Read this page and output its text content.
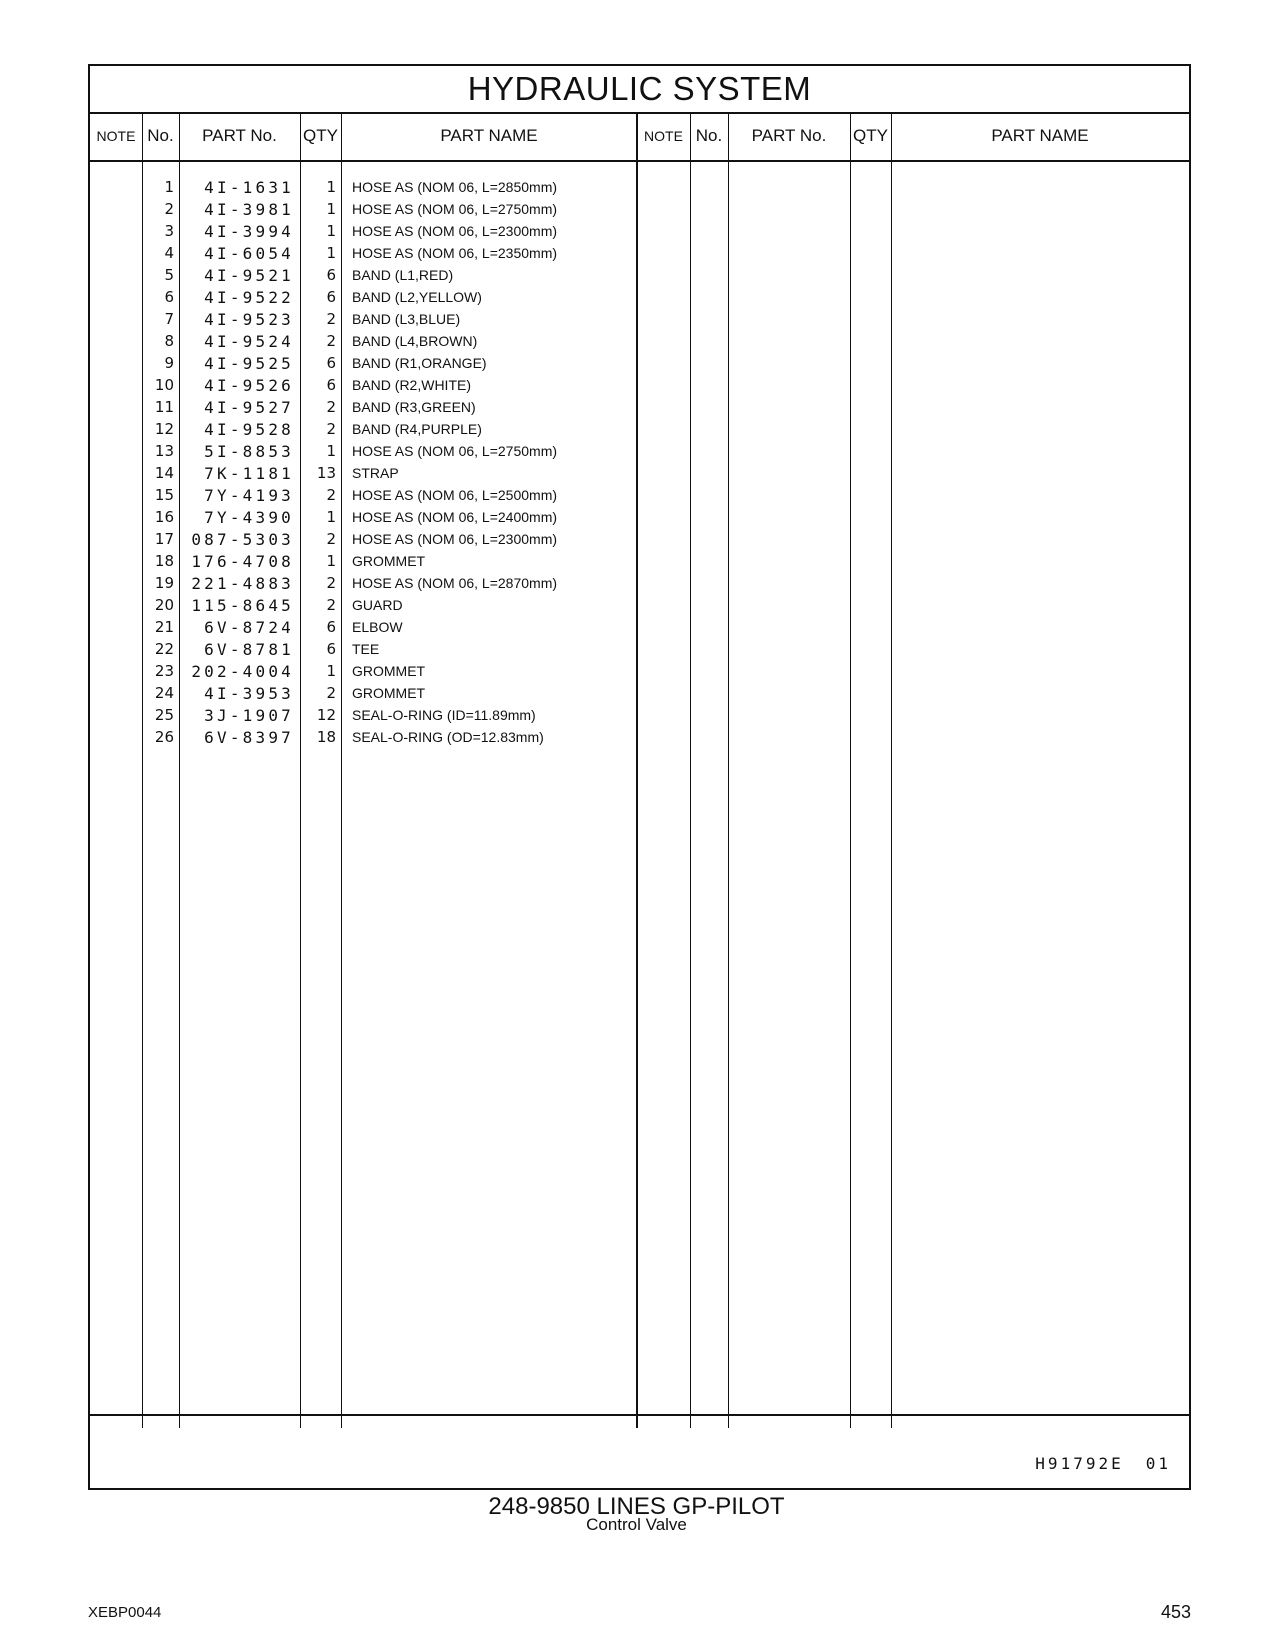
HYDRAULIC SYSTEM
NOTE No.	PART No.	QTY	PART NAME	NOTE No.	PART No.	QTY	PART NAME
1	4I-1631	1 HOSE AS (NOM 06, L=2850mm)
2	4I-3981	1 HOSE AS (NOM 06, L=2750mm)
3	4I-3994	1 HOSE AS (NOM 06, L=2300mm)
4	4I-6054	1 HOSE AS (NOM 06, L=2350mm)
5	4I-9521	6 BAND (L1,RED)
6	4I-9522	6 BAND (L2,YELLOW)
7	4I-9523	2 BAND (L3,BLUE)
8	4I-9524	2 BAND (L4,BROWN)
9	4I-9525	6 BAND (R1,ORANGE)
10	4I-9526	6 BAND (R2,WHITE)
11	4I-9527	2 BAND (R3,GREEN)
12	4I-9528	2 BAND (R4,PURPLE)
13	5I-8853	1 HOSE AS (NOM 06, L=2750mm)
14	7K-1181	13 STRAP
15	7Y-4193	2 HOSE AS (NOM 06, L=2500mm)
16	7Y-4390	1 HOSE AS (NOM 06, L=2400mm)
17	087-5303	2 HOSE AS (NOM 06, L=2300mm)
18	176-4708	1 GROMMET
19	221-4883	2 HOSE AS (NOM 06, L=2870mm)
20	115-8645	2 GUARD
21	6V-8724	6 ELBOW
22	6V-8781	6 TEE
23	202-4004	1 GROMMET
24	4I-3953	2 GROMMET
25	3J-1907	12 SEAL-O-RING (ID=11.89mm)
26	6V-8397	18 SEAL-O-RING (OD=12.83mm)
H91792E 01
248-9850 LINES GP-PILOT
Control Valve
XEBP0044	453
